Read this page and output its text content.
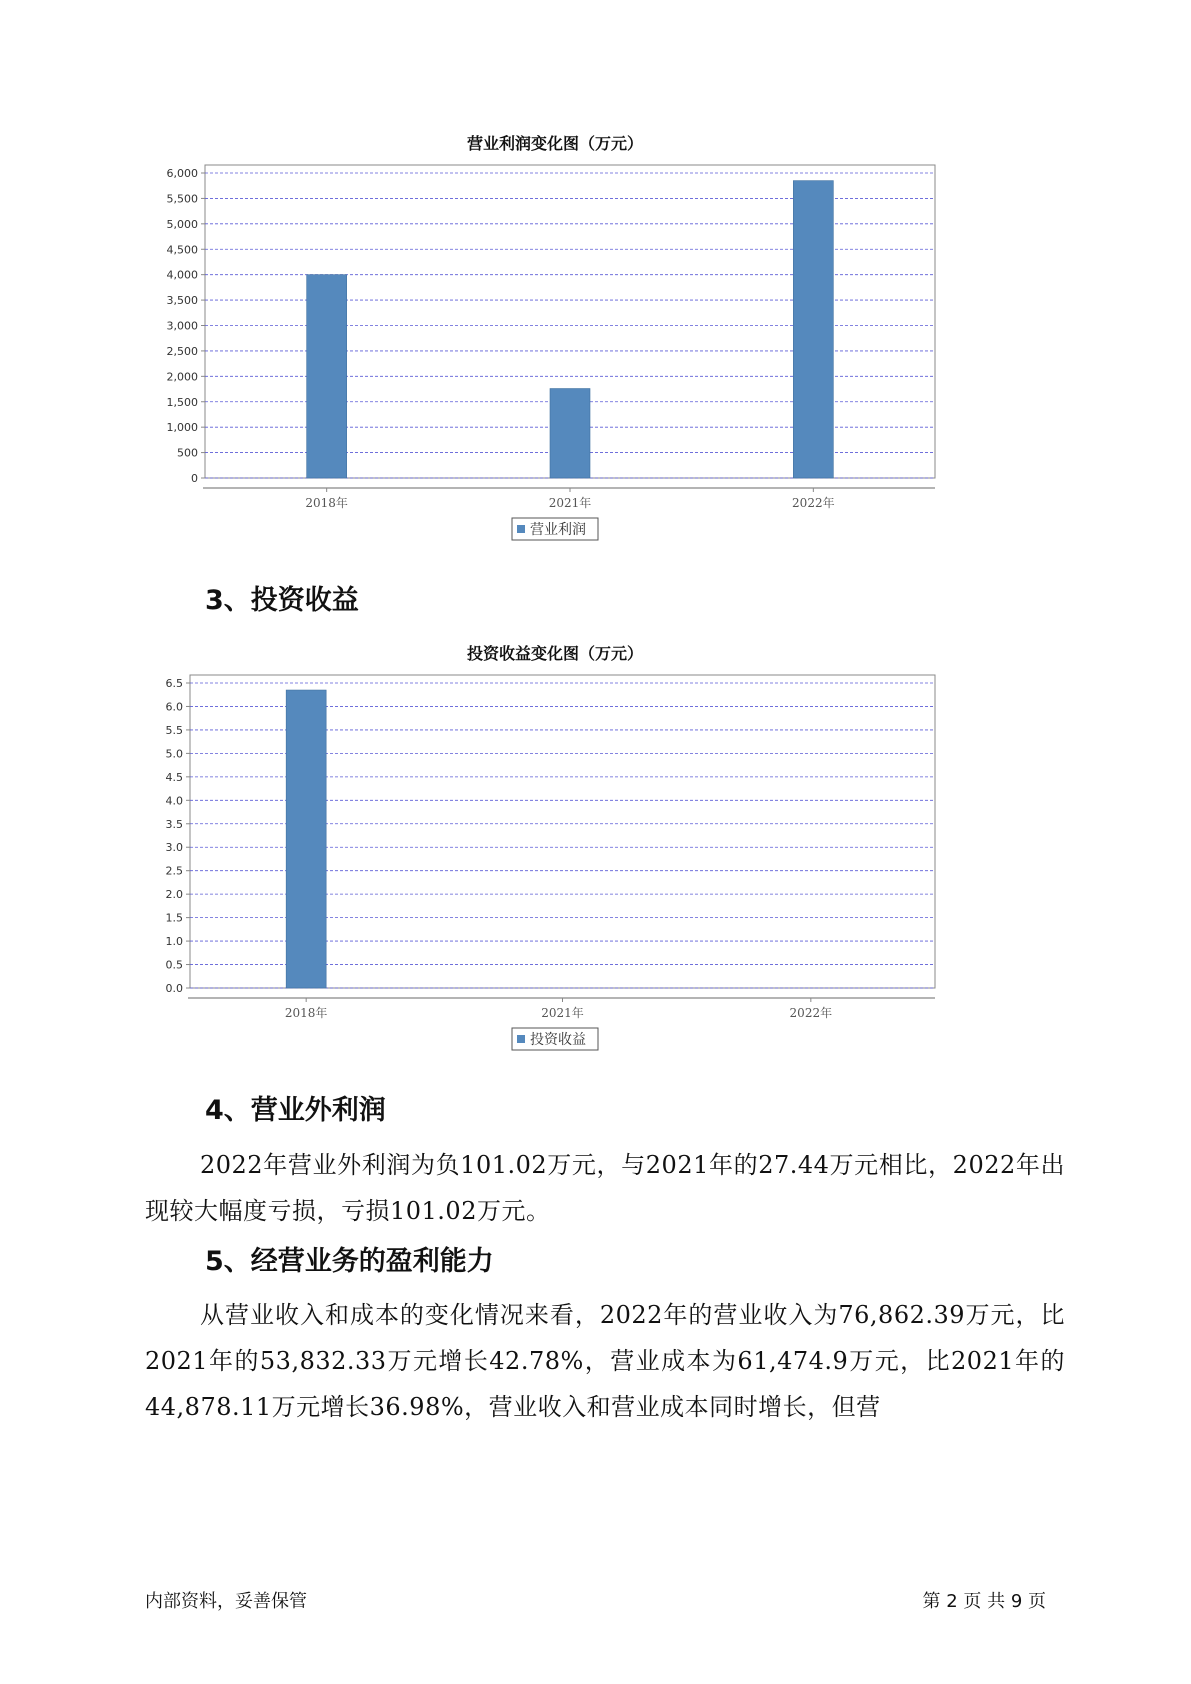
营业利润变化图（万元）
0
500
1,000
1,500
2,000
2,500
3,000
3,500
4,000
4,500
5,000
5,500
6,000
2018年	2021年	2022年
营业利润
3、投资收益
投资收益变化图（万元）
0.0
0.5
1.0
1.5
2.0
2.5
3.0
3.5
4.0
4.5
5.0
5.5
6.0
6.5
2018年	2021年	2022年
投资收益
4、营业外利润

2022年营业外利润为负101.02万元，与2021年的27.44万元相比，2022年出现较大幅度亏损，亏损101.02万元。

5、经营业务的盈利能力

从营业收入和成本的变化情况来看，2022年的营业收入为76,862.39万元，比2021年的53,832.33万元增长42.78%，营业成本为61,474.9万元，比2021年的44,878.11万元增长36.98%，营业收入和营业成本同时增长，但营

内部资料，妥善保管	第 2 页 共 9 页
